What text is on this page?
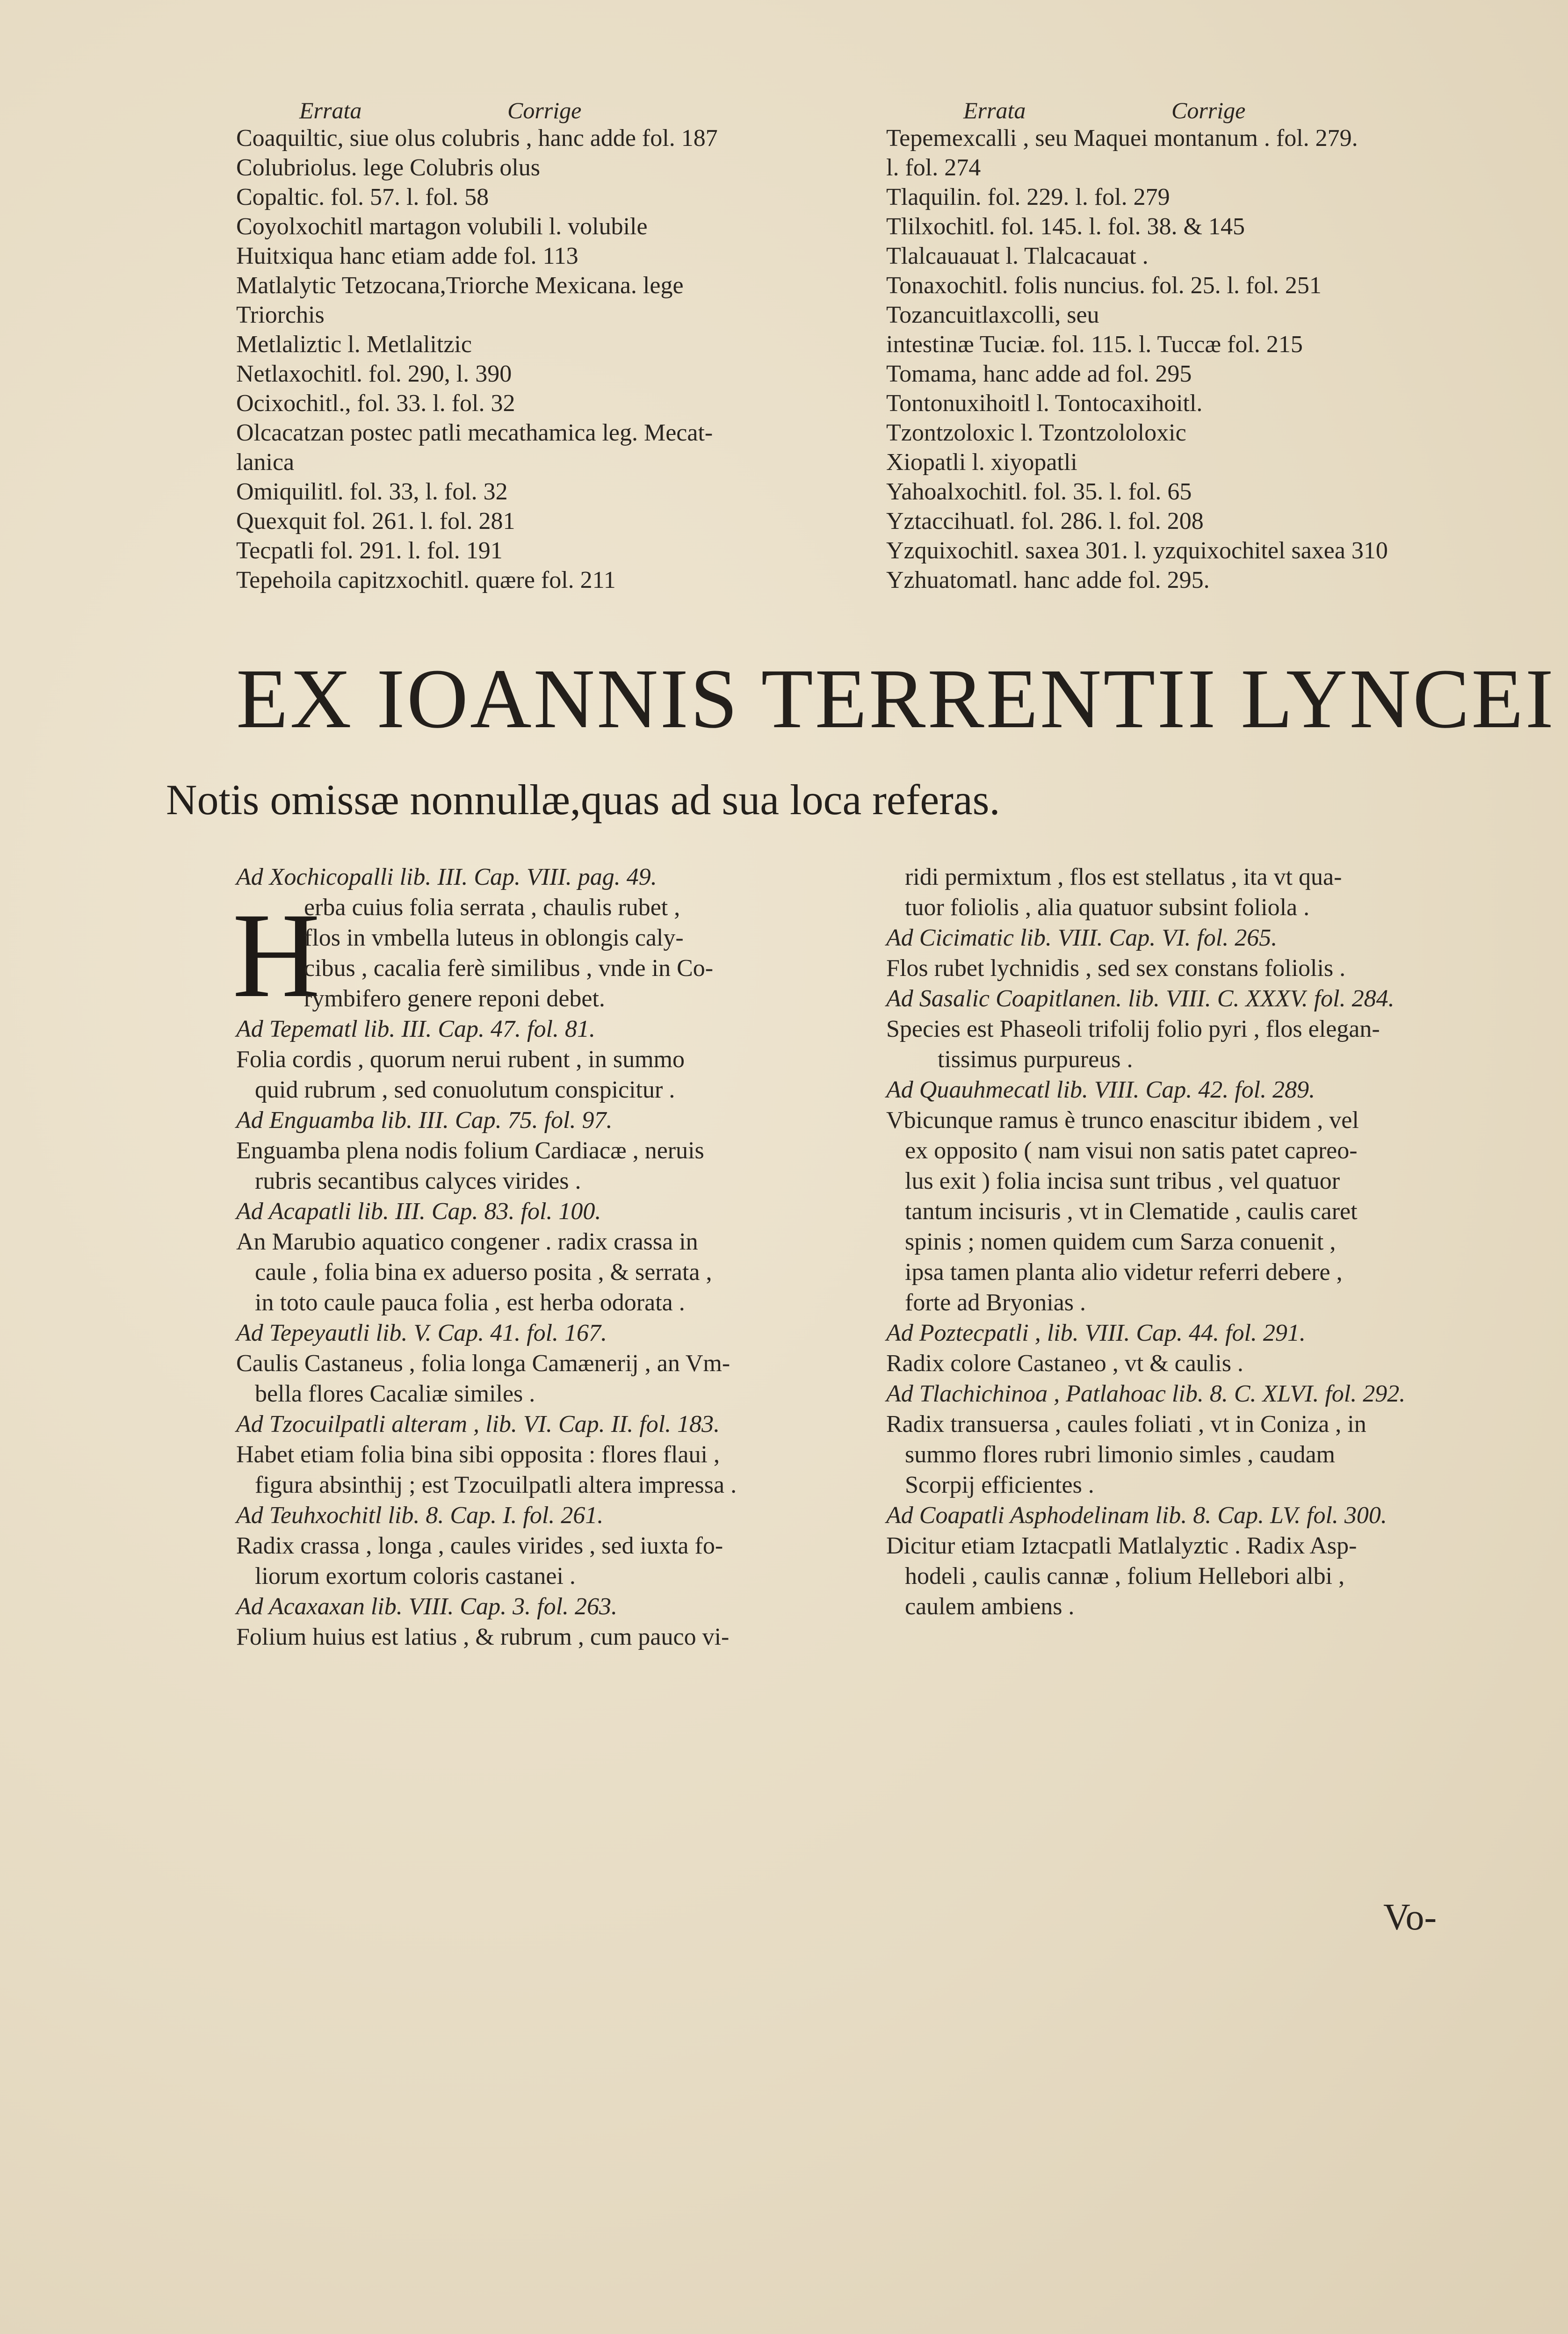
Errata	Corrige
Coaquiltic, siue olus colubris , hanc adde fol. 187
Colubriolus. lege Colubris olus
Copaltic. fol. 57. l. fol. 58
Coyolxochitl martagon volubili l. volubile
Huitxiqua hanc etiam adde fol. 113
Matlalytic Tetzocana,Triorche Mexicana. lege
Triorchis
Metlaliztic l. Metlalitzic
Netlaxochitl. fol. 290, l. 390
Ocixochitl., fol. 33. l. fol. 32
Olcacatzan postec patli mecathamica leg. Mecat-
lanica
Omiquilitl. fol. 33, l. fol. 32
Quexquit fol. 261. l. fol. 281
Tecpatli fol. 291. l. fol. 191
Tepehoila capitzxochitl. quære fol. 211
Errata	Corrige
Tepemexcalli , seu Maquei montanum . fol. 279.
l. fol. 274
Tlaquilin. fol. 229. l. fol. 279
Tlilxochitl. fol. 145. l. fol. 38. & 145
Tlalcauauat l. Tlalcacauat .
Tonaxochitl. folis nuncius. fol. 25. l. fol. 251
Tozancuitlaxcolli, seu
intestinæ Tuciæ. fol. 115. l. Tuccæ fol. 215
Tomama, hanc adde ad fol. 295
Tontonuxihoitl l. Tontocaxihoitl.
Tzontzoloxic l. Tzontzololoxic
Xiopatli l. xiyopatli
Yahoalxochitl. fol. 35. l. fol. 65
Yztaccihuatl. fol. 286. l. fol. 208
Yzquixochitl. saxea 301. l. yzquixochitel saxea 310
Yzhuatomatl. hanc adde fol. 295.
EX IOANNIS TERRENTII LYNCEI
Notis omissæ nonnullæ,quas ad sua loca referas.
H
Ad Xochicopalli lib. III. Cap. VIII. pag. 49.
erba cuius folia serrata , chaulis rubet ,
flos in vmbella luteus in oblongis caly-
cibus , cacalia ferè similibus , vnde in Co-
rymbifero genere reponi debet.
Ad Tepematl lib. III. Cap. 47. fol. 81.
Folia cordis , quorum nerui rubent , in summo
quid rubrum , sed conuolutum conspicitur .
Ad Enguamba lib. III. Cap. 75. fol. 97.
Enguamba plena nodis folium Cardiacæ , neruis
rubris secantibus calyces virides .
Ad Acapatli lib. III. Cap. 83. fol. 100.
An Marubio aquatico congener . radix crassa in
caule , folia bina ex aduerso posita , & serrata ,
in toto caule pauca folia , est herba odorata .
Ad Tepeyautli lib. V. Cap. 41. fol. 167.
Caulis Castaneus , folia longa Camænerij , an Vm-
bella flores Cacaliæ similes .
Ad Tzocuilpatli alteram , lib. VI. Cap. II. fol. 183.
Habet etiam folia bina sibi opposita : flores flaui ,
figura absinthij ; est Tzocuilpatli altera impressa .
Ad Teuhxochitl lib. 8. Cap. I. fol. 261.
Radix crassa , longa , caules virides , sed iuxta fo-
liorum exortum coloris castanei .
Ad Acaxaxan lib. VIII. Cap. 3. fol. 263.
Folium huius est latius , & rubrum , cum pauco vi-
ridi permixtum , flos est stellatus , ita vt qua-
tuor foliolis , alia quatuor subsint foliola .
Ad Cicimatic lib. VIII. Cap. VI. fol. 265.
Flos rubet lychnidis , sed sex constans foliolis .
Ad Sasalic Coapitlanen. lib. VIII. C. XXXV. fol. 284.
Species est Phaseoli trifolij folio pyri , flos elegan-
tissimus purpureus .
Ad Quauhmecatl lib. VIII. Cap. 42. fol. 289.
Vbicunque ramus è trunco enascitur ibidem , vel
ex opposito ( nam visui non satis patet capreo-
lus exit ) folia incisa sunt tribus , vel quatuor
tantum incisuris , vt in Clematide , caulis caret
spinis ; nomen quidem cum Sarza conuenit ,
ipsa tamen planta alio videtur referri debere ,
forte ad Bryonias .
Ad Poztecpatli , lib. VIII. Cap. 44. fol. 291.
Radix colore Castaneo , vt & caulis .
Ad Tlachichinoa , Patlahoac lib. 8. C. XLVI. fol. 292.
Radix transuersa , caules foliati , vt in Coniza , in
summo flores rubri limonio simles , caudam
Scorpij efficientes .
Ad Coapatli Asphodelinam lib. 8. Cap. LV. fol. 300.
Dicitur etiam Iztacpatli Matlalyztic . Radix Asp-
hodeli , caulis cannæ , folium Hellebori albi ,
caulem ambiens .
Vo-
